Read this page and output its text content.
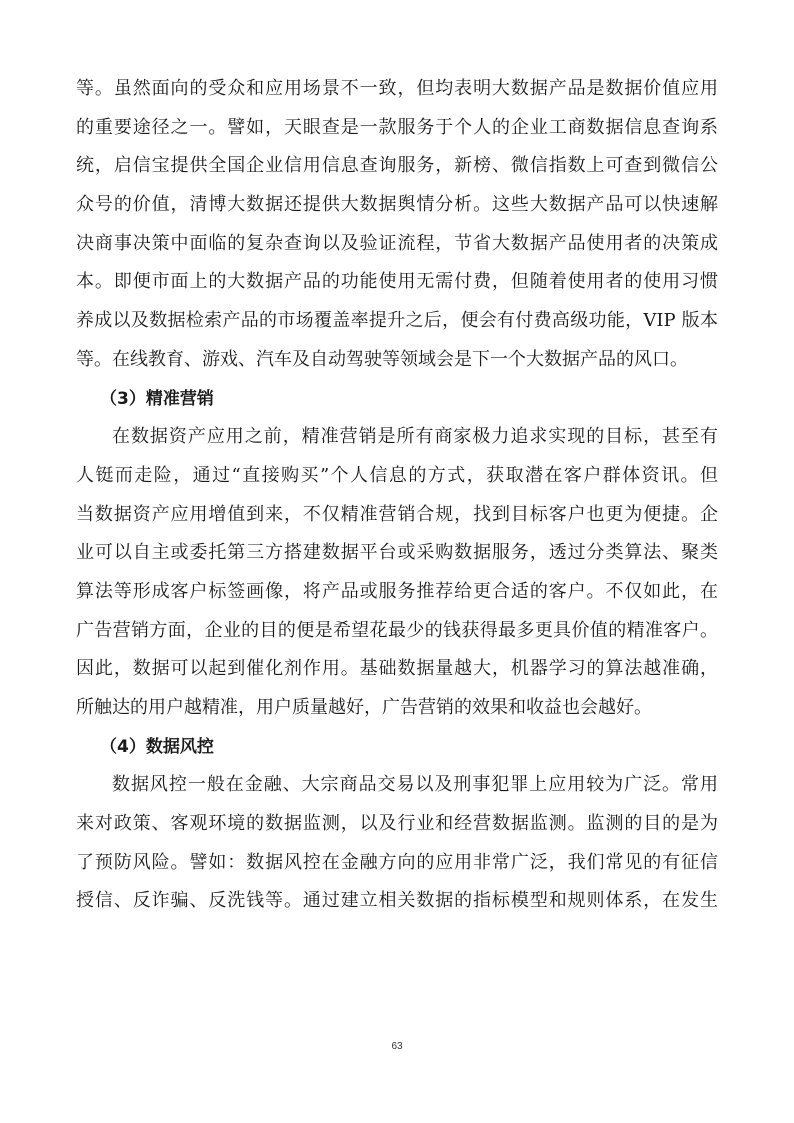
等。虽然面向的受众和应用场景不一致，但均表明大数据产品是数据价值应用
的重要途径之一。譬如，天眼查是一款服务于个人的企业工商数据信息查询系
统，启信宝提供全国企业信用信息查询服务，新榜、微信指数上可查到微信公
众号的价值，清博大数据还提供大数据舆情分析。这些大数据产品可以快速解
决商事决策中面临的复杂查询以及验证流程，节省大数据产品使用者的决策成
本。即便市面上的大数据产品的功能使用无需付费，但随着使用者的使用习惯
养成以及数据检索产品的市场覆盖率提升之后，便会有付费高级功能，VIP 版本
等。在线教育、游戏、汽车及自动驾驶等领域会是下一个大数据产品的风口。
（3）精准营销
在数据资产应用之前，精准营销是所有商家极力追求实现的目标，甚至有
人铤而走险，通过“直接购买”个人信息的方式，获取潜在客户群体资讯。但
当数据资产应用增值到来，不仅精准营销合规，找到目标客户也更为便捷。企
业可以自主或委托第三方搭建数据平台或采购数据服务，透过分类算法、聚类
算法等形成客户标签画像，将产品或服务推荐给更合适的客户。不仅如此，在
广告营销方面，企业的目的便是希望花最少的钱获得最多更具价值的精准客户。
因此，数据可以起到催化剂作用。基础数据量越大，机器学习的算法越准确，
所触达的用户越精准，用户质量越好，广告营销的效果和收益也会越好。
（4）数据风控
数据风控一般在金融、大宗商品交易以及刑事犯罪上应用较为广泛。常用
来对政策、客观环境的数据监测，以及行业和经营数据监测。监测的目的是为
了预防风险。譬如：数据风控在金融方向的应用非常广泛，我们常见的有征信
授信、反诈骗、反洗钱等。通过建立相关数据的指标模型和规则体系，在发生
63
